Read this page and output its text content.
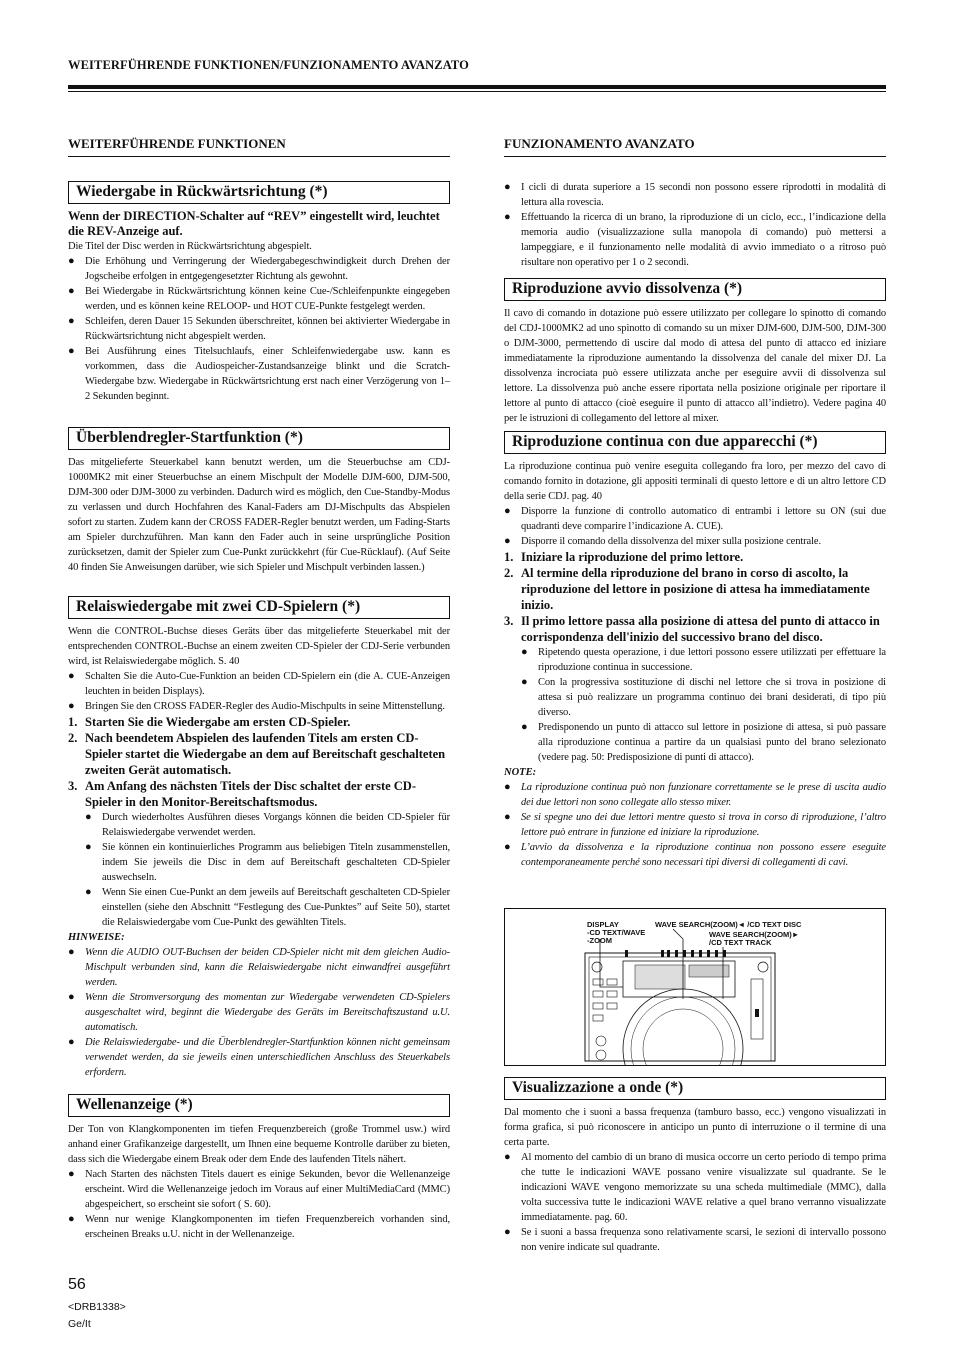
WEITERFÜHRENDE FUNKTIONEN/FUNZIONAMENTO AVANZATO
WEITERFÜHRENDE FUNKTIONEN
Wiedergabe in Rückwärtsrichtung (*)

Wenn der DIRECTION-Schalter auf “REV” eingestellt wird, leuchtet die REV-Anzeige auf.

Die Titel der Disc werden in Rückwärtsrichtung abgespielt.

● Die Erhöhung und Verringerung der Wiedergabegeschwindigkeit durch Drehen der Jogscheibe erfolgen in entgegengesetzter Richtung als gewohnt.
● Bei Wiedergabe in Rückwärtsrichtung können keine Cue-/Schleifenpunkte eingegeben werden, und es können keine RELOOP- und HOT CUE-Punkte festgelegt werden.
● Schleifen, deren Dauer 15 Sekunden überschreitet, können bei aktivierter Wiedergabe in Rückwärtsrichtung nicht abgespielt werden.
● Bei Ausführung eines Titelsuchlaufs, einer Schleifenwiedergabe usw. kann es vorkommen, dass die Audiospeicher-Zustandsanzeige blinkt und die Scratch-Wiedergabe bzw. Wiedergabe in Rückwärtsrichtung erst nach einer Verzögerung von 1–2 Sekunden beginnt.
Überblendregler-Startfunktion (*)

Das mitgelieferte Steuerkabel kann benutzt werden, um die Steuerbuchse am CDJ-1000MK2 mit einer Steuerbuchse an einem Mischpult der Modelle DJM-600, DJM-500, DJM-300 oder DJM-3000 zu verbinden. Dadurch wird es möglich, den Cue-Standby-Modus zu verlassen und durch Hochfahren des Kanal-Faders am DJ-Mischpults das Abspielen sofort zu starten. Zudem kann der CROSS FADER-Regler benutzt werden, um Fading-Starts am Spieler durchzuführen. Man kann den Fader auch in seine ursprüngliche Position zurücksetzen, damit der Spieler zum Cue-Punkt zurückkehrt (für Cue-Rücklauf). (Auf Seite 40 finden Sie Anweisungen darüber, wie sich Spieler und Mischpult verbinden lassen.)

Relaiswiedergabe mit zwei CD-Spielern (*)

Wenn die CONTROL-Buchse dieses Geräts über das mitgelieferte Steuerkabel mit der entsprechenden CONTROL-Buchse an einem zweiten CD-Spieler der CDJ-Serie verbunden wird, ist Relaiswiedergabe möglich. S. 40

● Schalten Sie die Auto-Cue-Funktion an beiden CD-Spielern ein (die A. CUE-Anzeigen leuchten in beiden Displays).
● Bringen Sie den CROSS FADER-Regler des Audio-Mischpults in seine Mittenstellung.
1. Starten Sie die Wiedergabe am ersten CD-Spieler.
2. Nach beendetem Abspielen des laufenden Titels am ersten CD-Spieler startet die Wiedergabe an dem auf Bereitschaft geschalteten zweiten Gerät automatisch.
3. Am Anfang des nächsten Titels der Disc schaltet der erste CD-Spieler in den Monitor-Bereitschaftsmodus.
● Durch wiederholtes Ausführen dieses Vorgangs können die beiden CD-Spieler für Relaiswiedergabe verwendet werden.
● Sie können ein kontinuierliches Programm aus beliebigen Titeln zusammenstellen, indem Sie jeweils die Disc in dem auf Bereitschaft geschalteten CD-Spieler auswechseln.
● Wenn Sie einen Cue-Punkt an dem jeweils auf Bereitschaft geschalteten CD-Spieler einstellen (siehe den Abschnitt “Festlegung des Cue-Punktes” auf Seite 50), startet die Relaiswiedergabe vom Cue-Punkt des gewählten Titels.
HINWEISE:
● Wenn die AUDIO OUT-Buchsen der beiden CD-Spieler nicht mit dem gleichen Audio-Mischpult verbunden sind, kann die Relaiswiedergabe nicht einwandfrei ausgeführt werden.
● Wenn die Stromversorgung des momentan zur Wiedergabe verwendeten CD-Spielers ausgeschaltet wird, beginnt die Wiedergabe des Geräts im Bereitschaftszustand u.U. automatisch.
● Die Relaiswiedergabe- und die Überblendregler-Startfunktion können nicht gemeinsam verwendet werden, da sie jeweils einen unterschiedlichen Anschluss des Steuerkabels erfordern.
Wellenanzeige (*)

Der Ton von Klangkomponenten im tiefen Frequenzbereich (große Trommel usw.) wird anhand einer Grafikanzeige dargestellt, um Ihnen eine bequeme Kontrolle darüber zu bieten, dass sich die Wiedergabe einem Break oder dem Ende des laufenden Titels nähert.

● Nach Starten des nächsten Titels dauert es einige Sekunden, bevor die Wellenanzeige erscheint. Wird die Wellenanzeige jedoch im Voraus auf einer MultiMediaCard (MMC) abgespeichert, so erscheint sie sofort ( S. 60).
● Wenn nur wenige Klangkomponenten im tiefen Frequenzbereich vorhanden sind, erscheinen Breaks u.U. nicht in der Wellenanzeige.
FUNZIONAMENTO AVANZATO
● I cicli di durata superiore a 15 secondi non possono essere riprodotti in modalità di lettura alla rovescia.
● Effettuando la ricerca di un brano, la riproduzione di un ciclo, ecc., l’indicazione della memoria audio (visualizzazione sulla manopola di comando) può mettersi a lampeggiare, e il funzionamento nelle modalità di avvio immediato o a ritroso può risultare non operativo per 1 o 2 secondi.
Riproduzione avvio dissolvenza (*)

Il cavo di comando in dotazione può essere utilizzato per collegare lo spinotto di comando del CDJ-1000MK2 ad uno spinotto di comando su un mixer DJM-600, DJM-500, DJM-300 o DJM-3000, permettendo di uscire dal modo di attesa del punto di attacco ed iniziare immediatamente la riproduzione aumentando la dissolvenza del canale del mixer DJ. La dissolvenza incrociata può essere utilizzata anche per eseguire avvii di dissolvenza sul lettore. La dissolvenza può anche essere riportata nella posizione originale per riportare il lettore al punto di attacco (cioè eseguire il punto di attacco all’indietro). Vedere pagina 40 per le istruzioni di collegamento del lettore al mixer.

Riproduzione continua con due apparecchi (*)

La riproduzione continua può venire eseguita collegando fra loro, per mezzo del cavo di comando fornito in dotazione, gli appositi terminali di questo lettore e di un altro lettore CD della serie CDJ. pag. 40

● Disporre la funzione di controllo automatico di entrambi i lettore su ON (sui due quadranti deve comparire l’indicazione A. CUE).
● Disporre il comando della dissolvenza del mixer sulla posizione centrale.
1. Iniziare la riproduzione del primo lettore.
2. Al termine della riproduzione del brano in corso di ascolto, la riproduzione del lettore in posizione di attesa ha immediatamente inizio.
3. Il primo lettore passa alla posizione di attesa del punto di attacco in corrispondenza dell'inizio del successivo brano del disco.
● Ripetendo questa operazione, i due lettori possono essere utilizzati per effettuare la riproduzione continua in successione.
● Con la progressiva sostituzione di dischi nel lettore che si trova in posizione di attesa si può realizzare un programma continuo dei brani desiderati, di tipo più diverso.
● Predisponendo un punto di attacco sul lettore in posizione di attesa, si può passare alla riproduzione continua a partire da un qualsiasi punto del brano selezionato (vedere pag. 50: Predisposizione di punti di attacco).
NOTE:
● La riproduzione continua può non funzionare correttamente se le prese di uscita audio dei due lettori non sono collegate allo stesso mixer.
● Se si spegne uno dei due lettori mentre questo si trova in corso di riproduzione, l’altro lettore può entrare in funzione ed iniziare la riproduzione.
● L’avvio da dissolvenza e la riproduzione continua non possono essere eseguite contemporaneamente perché sono necessari tipi diversi di collegamenti di cavi.
DISPLAY
-CD TEXT/WAVE
-ZOOM
WAVE SEARCH(ZOOM)◄ /CD TEXT DISC
WAVE SEARCH(ZOOM)►
/CD TEXT TRACK
Visualizzazione a onde (*)

Dal momento che i suoni a bassa frequenza (tamburo basso, ecc.) vengono visualizzati in forma grafica, si può riconoscere in anticipo un punto di interruzione o il termine di una certa parte.

● Al momento del cambio di un brano di musica occorre un certo periodo di tempo prima che tutte le indicazioni WAVE possano venire visualizzate sul quadrante. Se le indicazioni WAVE vengono memorizzate su una scheda multimediale (MMC), dalla volta successiva tutte le indicazioni WAVE relative a quel brano verranno visualizzate immediatamente. pag. 60.
● Se i suoni a bassa frequenza sono relativamente scarsi, le sezioni di intervallo possono non venire indicate sul quadrante.
56
<DRB1338>
Ge/It
